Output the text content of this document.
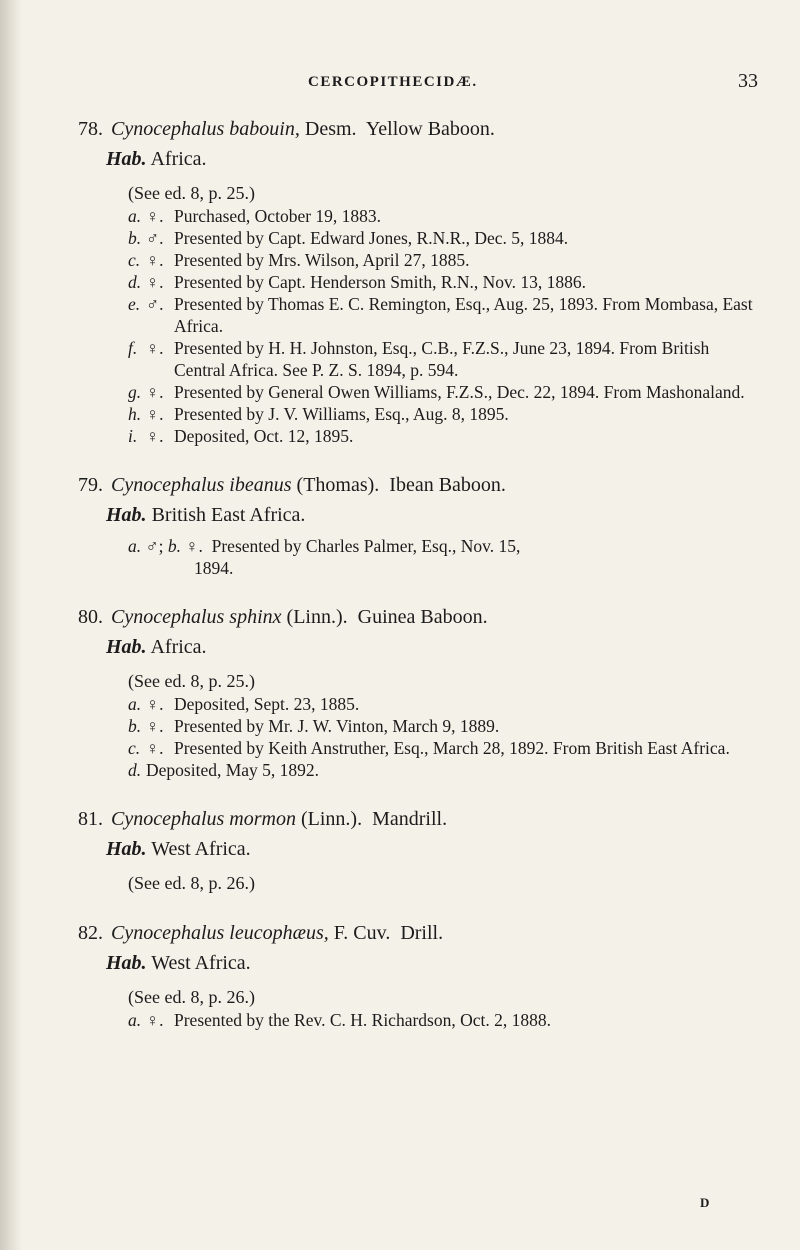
CERCOPITHECIDÆ.	33
78. Cynocephalus babouin, Desm. Yellow Baboon.
Hab. Africa.
(See ed. 8, p. 25.)
a. ♀. Purchased, October 19, 1883.
b. ♂. Presented by Capt. Edward Jones, R.N.R., Dec. 5, 1884.
c. ♀. Presented by Mrs. Wilson, April 27, 1885.
d. ♀. Presented by Capt. Henderson Smith, R.N., Nov. 13, 1886.
e. ♂. Presented by Thomas E. C. Remington, Esq., Aug. 25, 1893. From Mombasa, East Africa.
f. ♀. Presented by H. H. Johnston, Esq., C.B., F.Z.S., June 23, 1894. From British Central Africa. See P. Z. S. 1894, p. 594.
g. ♀. Presented by General Owen Williams, F.Z.S., Dec. 22, 1894. From Mashonaland.
h. ♀. Presented by J. V. Williams, Esq., Aug. 8, 1895.
i. ♀. Deposited, Oct. 12, 1895.
79. Cynocephalus ibeanus (Thomas). Ibean Baboon.
Hab. British East Africa.
a. ♂; b. ♀. Presented by Charles Palmer, Esq., Nov. 15,
1894.
80. Cynocephalus sphinx (Linn.). Guinea Baboon.
Hab. Africa.
(See ed. 8, p. 25.)
a. ♀. Deposited, Sept. 23, 1885.
b. ♀. Presented by Mr. J. W. Vinton, March 9, 1889.
c. ♀. Presented by Keith Anstruther, Esq., March 28, 1892. From British East Africa.
d. Deposited, May 5, 1892.
81. Cynocephalus mormon (Linn.). Mandrill.
Hab. West Africa.
(See ed. 8, p. 26.)
82. Cynocephalus leucophæus, F. Cuv. Drill.
Hab. West Africa.
(See ed. 8, p. 26.)
a. ♀. Presented by the Rev. C. H. Richardson, Oct. 2, 1888.
D
